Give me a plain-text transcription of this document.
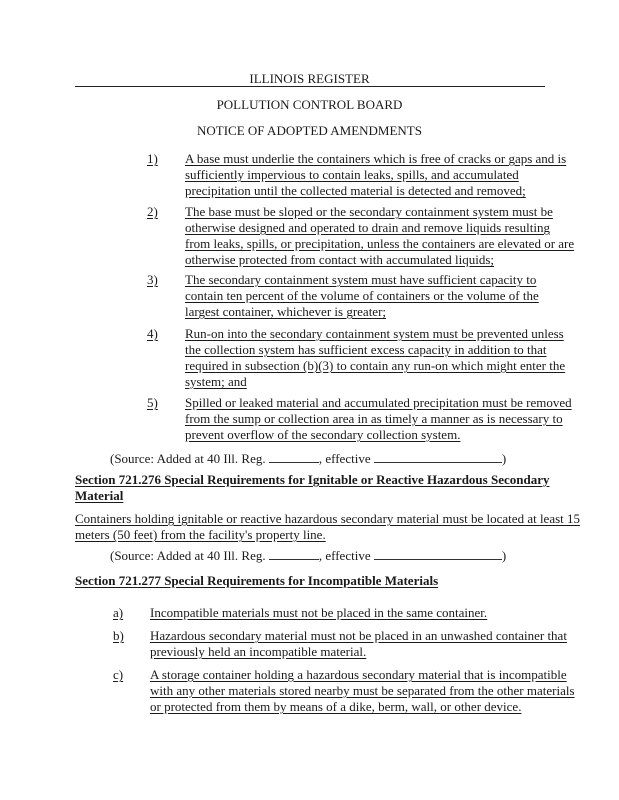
ILLINOIS REGISTER
POLLUTION CONTROL BOARD
NOTICE OF ADOPTED AMENDMENTS
1) A base must underlie the containers which is free of cracks or gaps and is
sufficiently impervious to contain leaks, spills, and accumulated
precipitation until the collected material is detected and removed;
2) The base must be sloped or the secondary containment system must be
otherwise designed and operated to drain and remove liquids resulting
from leaks, spills, or precipitation, unless the containers are elevated or are
otherwise protected from contact with accumulated liquids;
3) The secondary containment system must have sufficient capacity to
contain ten percent of the volume of containers or the volume of the
largest container, whichever is greater;
4) Run-on into the secondary containment system must be prevented unless
the collection system has sufficient excess capacity in addition to that
required in subsection (b)(3) to contain any run-on which might enter the
system; and
5) Spilled or leaked material and accumulated precipitation must be removed
from the sump or collection area in as timely a manner as is necessary to
prevent overflow of the secondary collection system.
(Source: Added at 40 Ill. Reg.	, effective	)
Section 721.276 Special Requirements for Ignitable or Reactive Hazardous Secondary
Material
Containers holding ignitable or reactive hazardous secondary material must be located at least 15
meters (50 feet) from the facility's property line.
(Source: Added at 40 Ill. Reg.	, effective	)
Section 721.277 Special Requirements for Incompatible Materials
a) Incompatible materials must not be placed in the same container.
b) Hazardous secondary material must not be placed in an unwashed container that
previously held an incompatible material.
c) A storage container holding a hazardous secondary material that is incompatible
with any other materials stored nearby must be separated from the other materials
or protected from them by means of a dike, berm, wall, or other device.
